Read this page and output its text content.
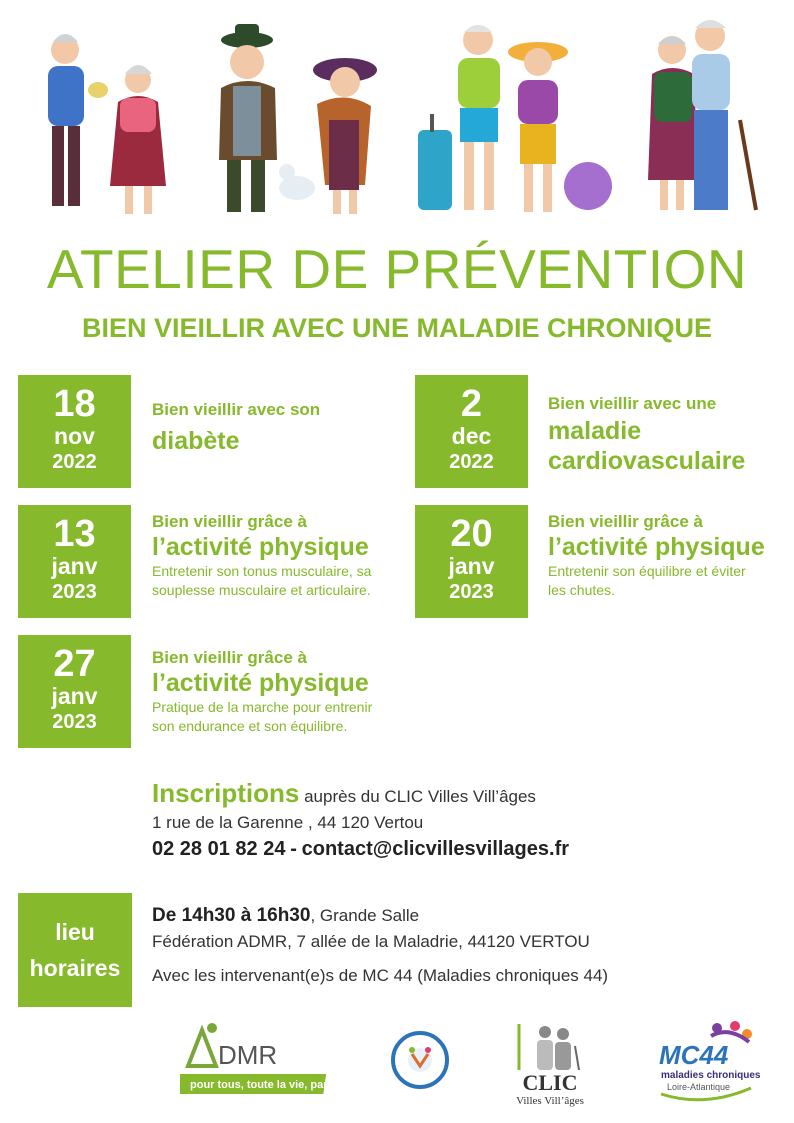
ATELIER DE PRÉVENTION
BIEN VIEILLIR AVEC UNE MALADIE CHRONIQUE
18
nov
2022
Bien vieillir avec son
diabète
2
dec
2022
Bien vieillir avec une
maladie cardiovasculaire
13
janv
2023
Bien vieillir grâce à
l’activité physique
Entretenir son tonus musculaire, sa souplesse musculaire et articulaire.
20
janv
2023
Bien vieillir grâce à
l’activité physique
Entretenir son équilibre et éviter les chutes.
27
janv
2023
Bien vieillir grâce à
l’activité physique
Pratique de la marche pour entrenir son endurance et son équilibre.
Inscriptions auprès du CLIC Villes Vill’âges
1 rue de la Garenne , 44 120 Vertou
02 28 01 82 24 - contact@clicvillesvillages.fr
lieu
horaires
De 14h30 à 16h30, Grande Salle
Fédération ADMR, 7 allée de la Maladrie, 44120 VERTOU
Avec les intervenant(e)s de MC 44 (Maladies chroniques 44)
DMR
pour tous, toute la vie, partout	CLIC
Villes Vill’âges
MC44
maladies chroniques
Loire-Atlantique
